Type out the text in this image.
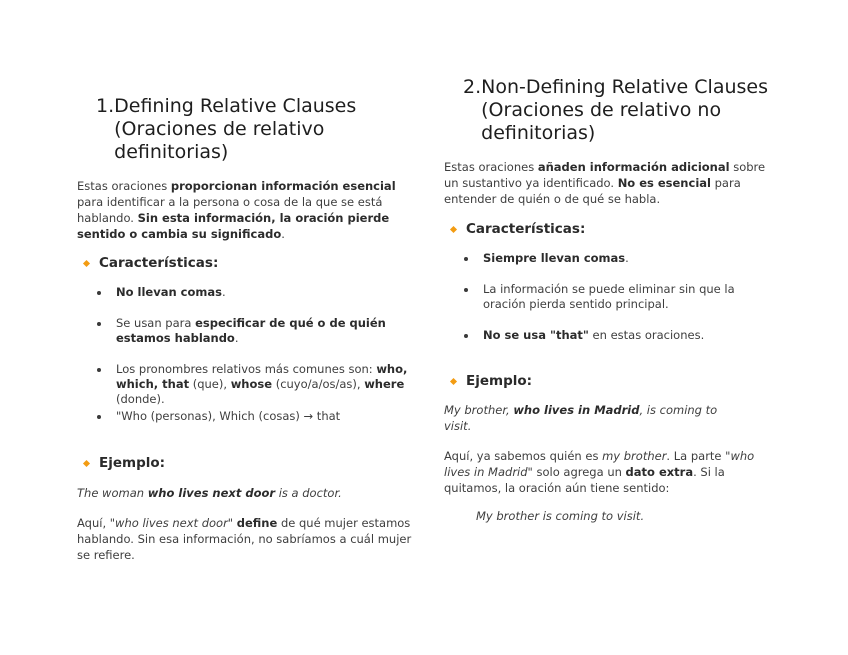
1. Defining Relative Clauses (Oraciones de relativo definitorias)

Estas oraciones proporcionan información esencial para identificar a la persona o cosa de la que se está hablando. Sin esta información, la oración pierde sentido o cambia su significado.

Características:
No llevan comas.
Se usan para especificar de qué o de quién estamos hablando.
Los pronombres relativos más comunes son: who, which, that (que), whose (cuyo/a/os/as), where (donde).
"Who (personas), Which (cosas) → that
Ejemplo:

The woman who lives next door is a doctor.

Aquí, "who lives next door" define de qué mujer estamos hablando. Sin esa información, no sabríamos a cuál mujer se refiere.

2. Non-Defining Relative Clauses (Oraciones de relativo no definitorias)

Estas oraciones añaden información adicional sobre un sustantivo ya identificado. No es esencial para entender de quién o de qué se habla.

Características:
Siempre llevan comas.
La información se puede eliminar sin que la oración pierda sentido principal.
No se usa "that" en estas oraciones.
Ejemplo:

My brother, who lives in Madrid, is coming to visit.

Aquí, ya sabemos quién es my brother. La parte "who lives in Madrid" solo agrega un dato extra. Si la quitamos, la oración aún tiene sentido:

My brother is coming to visit.
